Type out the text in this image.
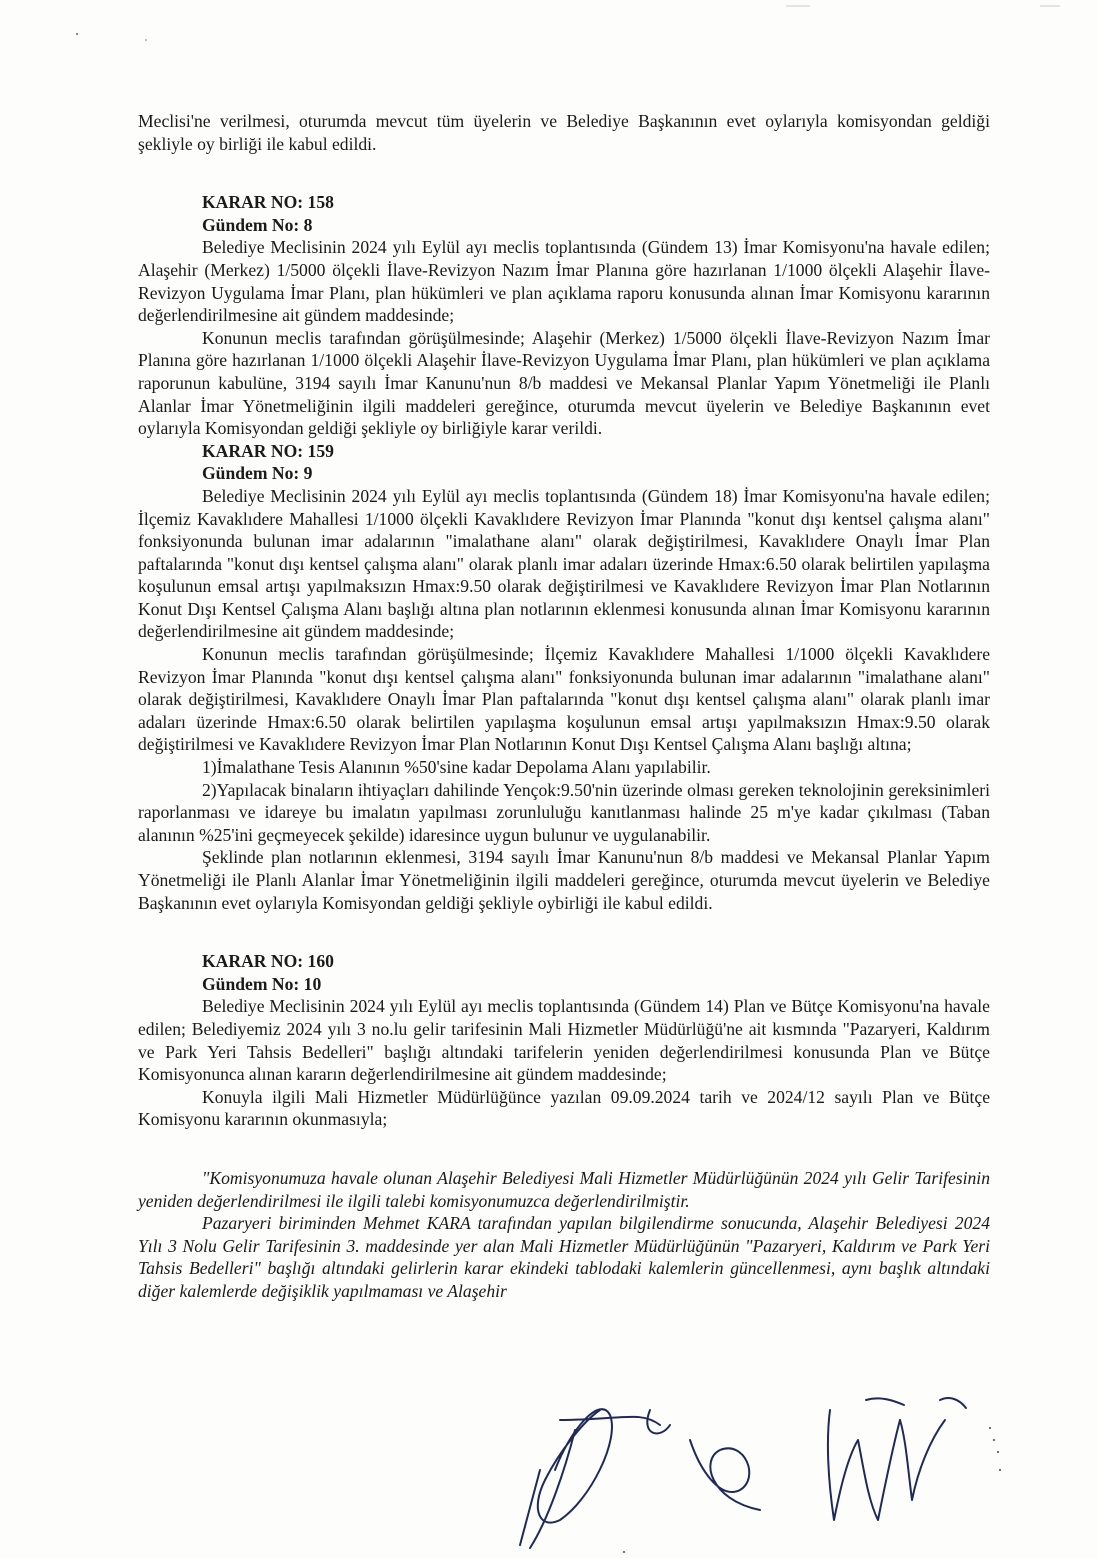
Meclisi'ne verilmesi, oturumda mevcut tüm üyelerin ve Belediye Başkanının evet oylarıyla komisyondan geldiği şekliyle oy birliği ile kabul edildi.

KARAR NO: 158

Gündem No: 8

Belediye Meclisinin 2024 yılı Eylül ayı meclis toplantısında (Gündem 13) İmar Komisyonu'na havale edilen; Alaşehir (Merkez) 1/5000 ölçekli İlave-Revizyon Nazım İmar Planına göre hazırlanan 1/1000 ölçekli Alaşehir İlave-Revizyon Uygulama İmar Planı, plan hükümleri ve plan açıklama raporu konusunda alınan İmar Komisyonu kararının değerlendirilmesine ait gündem maddesinde;

Konunun meclis tarafından görüşülmesinde; Alaşehir (Merkez) 1/5000 ölçekli İlave-Revizyon Nazım İmar Planına göre hazırlanan 1/1000 ölçekli Alaşehir İlave-Revizyon Uygulama İmar Planı, plan hükümleri ve plan açıklama raporunun kabulüne, 3194 sayılı İmar Kanunu'nun 8/b maddesi ve Mekansal Planlar Yapım Yönetmeliği ile Planlı Alanlar İmar Yönetmeliğinin ilgili maddeleri gereğince, oturumda mevcut üyelerin ve Belediye Başkanının evet oylarıyla Komisyondan geldiği şekliyle oy birliğiyle karar verildi.

KARAR NO: 159

Gündem No: 9

Belediye Meclisinin 2024 yılı Eylül ayı meclis toplantısında (Gündem 18) İmar Komisyonu'na havale edilen; İlçemiz Kavaklıdere Mahallesi 1/1000 ölçekli Kavaklıdere Revizyon İmar Planında "konut dışı kentsel çalışma alanı" fonksiyonunda bulunan imar adalarının "imalathane alanı" olarak değiştirilmesi, Kavaklıdere Onaylı İmar Plan paftalarında "konut dışı kentsel çalışma alanı" olarak planlı imar adaları üzerinde Hmax:6.50 olarak belirtilen yapılaşma koşulunun emsal artışı yapılmaksızın Hmax:9.50 olarak değiştirilmesi ve Kavaklıdere Revizyon İmar Plan Notlarının Konut Dışı Kentsel Çalışma Alanı başlığı altına plan notlarının eklenmesi konusunda alınan İmar Komisyonu kararının değerlendirilmesine ait gündem maddesinde;

Konunun meclis tarafından görüşülmesinde; İlçemiz Kavaklıdere Mahallesi 1/1000 ölçekli Kavaklıdere Revizyon İmar Planında "konut dışı kentsel çalışma alanı" fonksiyonunda bulunan imar adalarının "imalathane alanı" olarak değiştirilmesi, Kavaklıdere Onaylı İmar Plan paftalarında "konut dışı kentsel çalışma alanı" olarak planlı imar adaları üzerinde Hmax:6.50 olarak belirtilen yapılaşma koşulunun emsal artışı yapılmaksızın Hmax:9.50 olarak değiştirilmesi ve Kavaklıdere Revizyon İmar Plan Notlarının Konut Dışı Kentsel Çalışma Alanı başlığı altına;

1)İmalathane Tesis Alanının %50'sine kadar Depolama Alanı yapılabilir.

2)Yapılacak binaların ihtiyaçları dahilinde Yençok:9.50'nin üzerinde olması gereken teknolojinin gereksinimleri raporlanması ve idareye bu imalatın yapılması zorunluluğu kanıtlanması halinde 25 m'ye kadar çıkılması (Taban alanının %25'ini geçmeyecek şekilde) idaresince uygun bulunur ve uygulanabilir.

Şeklinde plan notlarının eklenmesi, 3194 sayılı İmar Kanunu'nun 8/b maddesi ve Mekansal Planlar Yapım Yönetmeliği ile Planlı Alanlar İmar Yönetmeliğinin ilgili maddeleri gereğince, oturumda mevcut üyelerin ve Belediye Başkanının evet oylarıyla Komisyondan geldiği şekliyle oybirliği ile kabul edildi.

KARAR NO: 160

Gündem No: 10

Belediye Meclisinin 2024 yılı Eylül ayı meclis toplantısında (Gündem 14) Plan ve Bütçe Komisyonu'na havale edilen; Belediyemiz 2024 yılı 3 no.lu gelir tarifesinin Mali Hizmetler Müdürlüğü'ne ait kısmında "Pazaryeri, Kaldırım ve Park Yeri Tahsis Bedelleri" başlığı altındaki tarifelerin yeniden değerlendirilmesi konusunda Plan ve Bütçe Komisyonunca alınan kararın değerlendirilmesine ait gündem maddesinde;

Konuyla ilgili Mali Hizmetler Müdürlüğünce yazılan 09.09.2024 tarih ve 2024/12 sayılı Plan ve Bütçe Komisyonu kararının okunmasıyla;

"Komisyonumuza havale olunan Alaşehir Belediyesi Mali Hizmetler Müdürlüğünün 2024 yılı Gelir Tarifesinin yeniden değerlendirilmesi ile ilgili talebi komisyonumuzca değerlendirilmiştir.

Pazaryeri biriminden Mehmet KARA tarafından yapılan bilgilendirme sonucunda, Alaşehir Belediyesi 2024 Yılı 3 Nolu Gelir Tarifesinin 3. maddesinde yer alan Mali Hizmetler Müdürlüğünün "Pazaryeri, Kaldırım ve Park Yeri Tahsis Bedelleri" başlığı altındaki gelirlerin karar ekindeki tablodaki kalemlerin güncellenmesi, aynı başlık altındaki diğer kalemlerde değişiklik yapılmaması ve Alaşehir
